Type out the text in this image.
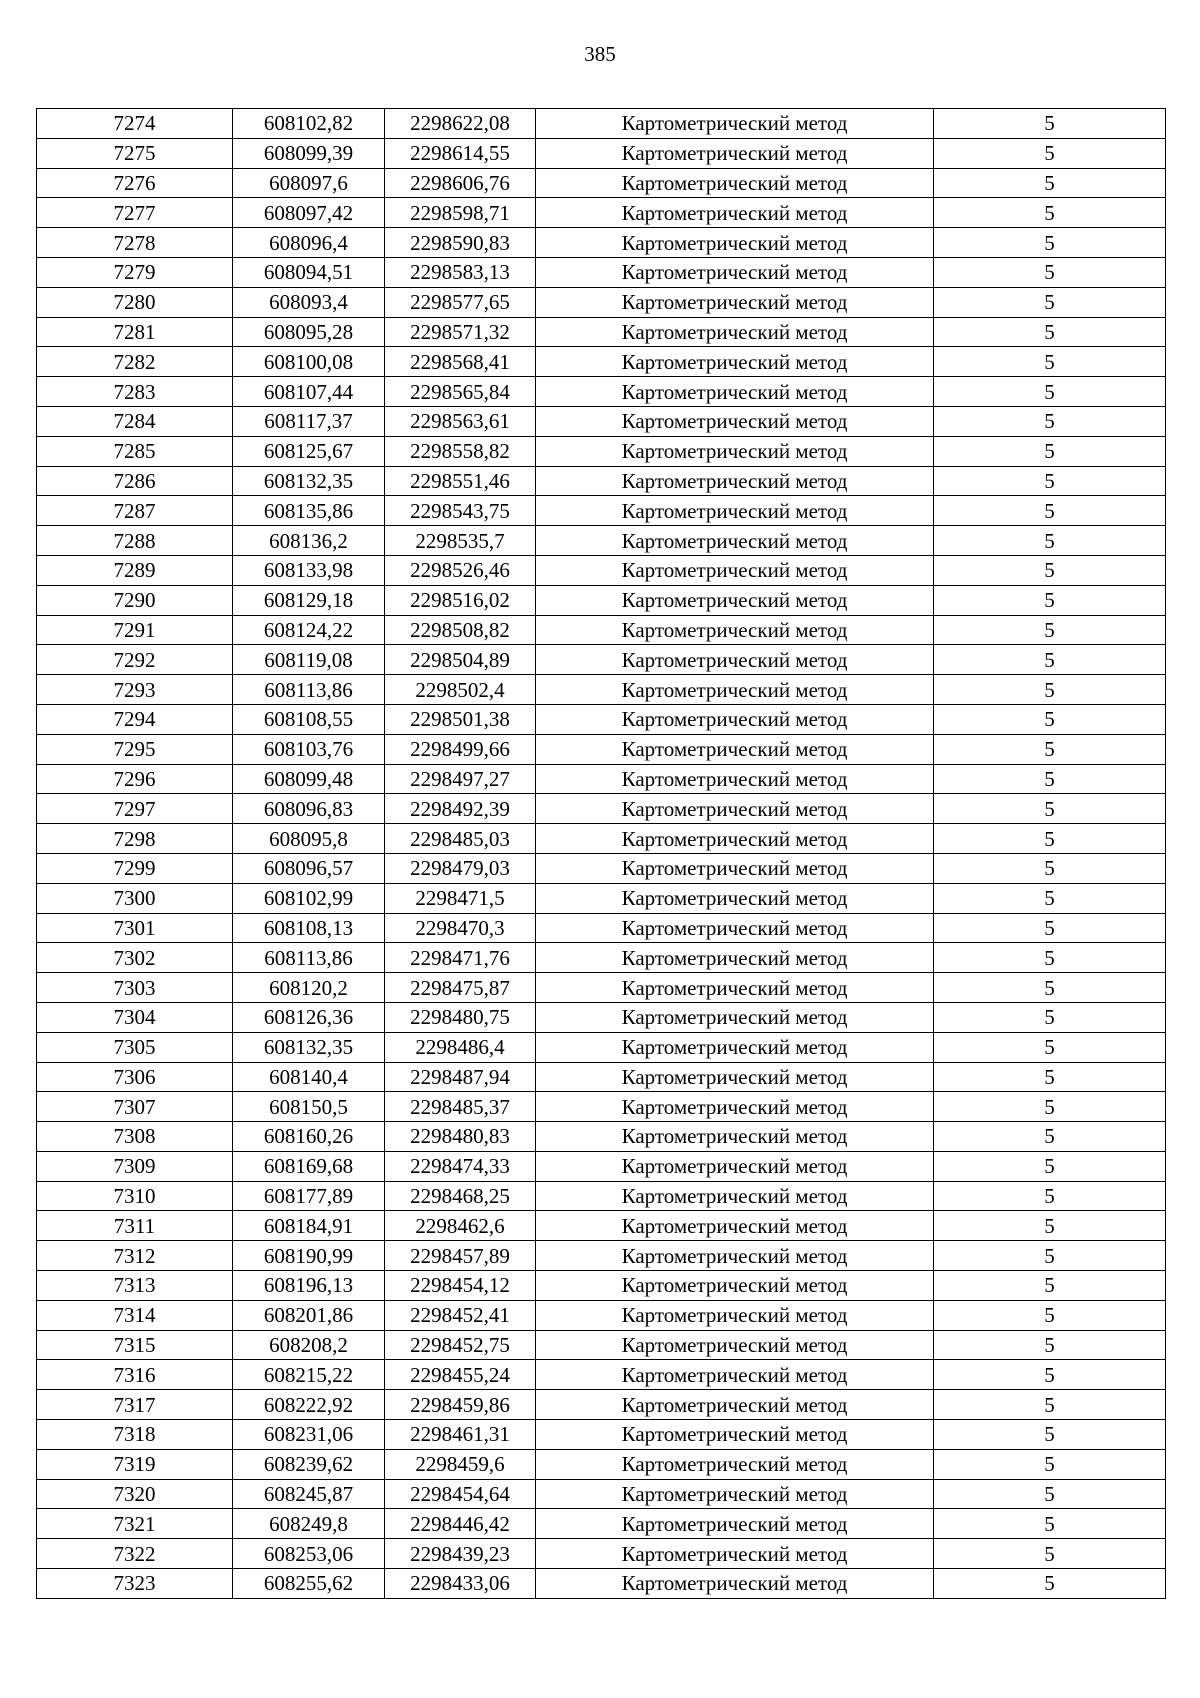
385
7274	608102,82	2298622,08	Картометрический метод	5
7275	608099,39	2298614,55	Картометрический метод	5
7276	608097,6	2298606,76	Картометрический метод	5
7277	608097,42	2298598,71	Картометрический метод	5
7278	608096,4	2298590,83	Картометрический метод	5
7279	608094,51	2298583,13	Картометрический метод	5
7280	608093,4	2298577,65	Картометрический метод	5
7281	608095,28	2298571,32	Картометрический метод	5
7282	608100,08	2298568,41	Картометрический метод	5
7283	608107,44	2298565,84	Картометрический метод	5
7284	608117,37	2298563,61	Картометрический метод	5
7285	608125,67	2298558,82	Картометрический метод	5
7286	608132,35	2298551,46	Картометрический метод	5
7287	608135,86	2298543,75	Картометрический метод	5
7288	608136,2	2298535,7	Картометрический метод	5
7289	608133,98	2298526,46	Картометрический метод	5
7290	608129,18	2298516,02	Картометрический метод	5
7291	608124,22	2298508,82	Картометрический метод	5
7292	608119,08	2298504,89	Картометрический метод	5
7293	608113,86	2298502,4	Картометрический метод	5
7294	608108,55	2298501,38	Картометрический метод	5
7295	608103,76	2298499,66	Картометрический метод	5
7296	608099,48	2298497,27	Картометрический метод	5
7297	608096,83	2298492,39	Картометрический метод	5
7298	608095,8	2298485,03	Картометрический метод	5
7299	608096,57	2298479,03	Картометрический метод	5
7300	608102,99	2298471,5	Картометрический метод	5
7301	608108,13	2298470,3	Картометрический метод	5
7302	608113,86	2298471,76	Картометрический метод	5
7303	608120,2	2298475,87	Картометрический метод	5
7304	608126,36	2298480,75	Картометрический метод	5
7305	608132,35	2298486,4	Картометрический метод	5
7306	608140,4	2298487,94	Картометрический метод	5
7307	608150,5	2298485,37	Картометрический метод	5
7308	608160,26	2298480,83	Картометрический метод	5
7309	608169,68	2298474,33	Картометрический метод	5
7310	608177,89	2298468,25	Картометрический метод	5
7311	608184,91	2298462,6	Картометрический метод	5
7312	608190,99	2298457,89	Картометрический метод	5
7313	608196,13	2298454,12	Картометрический метод	5
7314	608201,86	2298452,41	Картометрический метод	5
7315	608208,2	2298452,75	Картометрический метод	5
7316	608215,22	2298455,24	Картометрический метод	5
7317	608222,92	2298459,86	Картометрический метод	5
7318	608231,06	2298461,31	Картометрический метод	5
7319	608239,62	2298459,6	Картометрический метод	5
7320	608245,87	2298454,64	Картометрический метод	5
7321	608249,8	2298446,42	Картометрический метод	5
7322	608253,06	2298439,23	Картометрический метод	5
7323	608255,62	2298433,06	Картометрический метод	5
